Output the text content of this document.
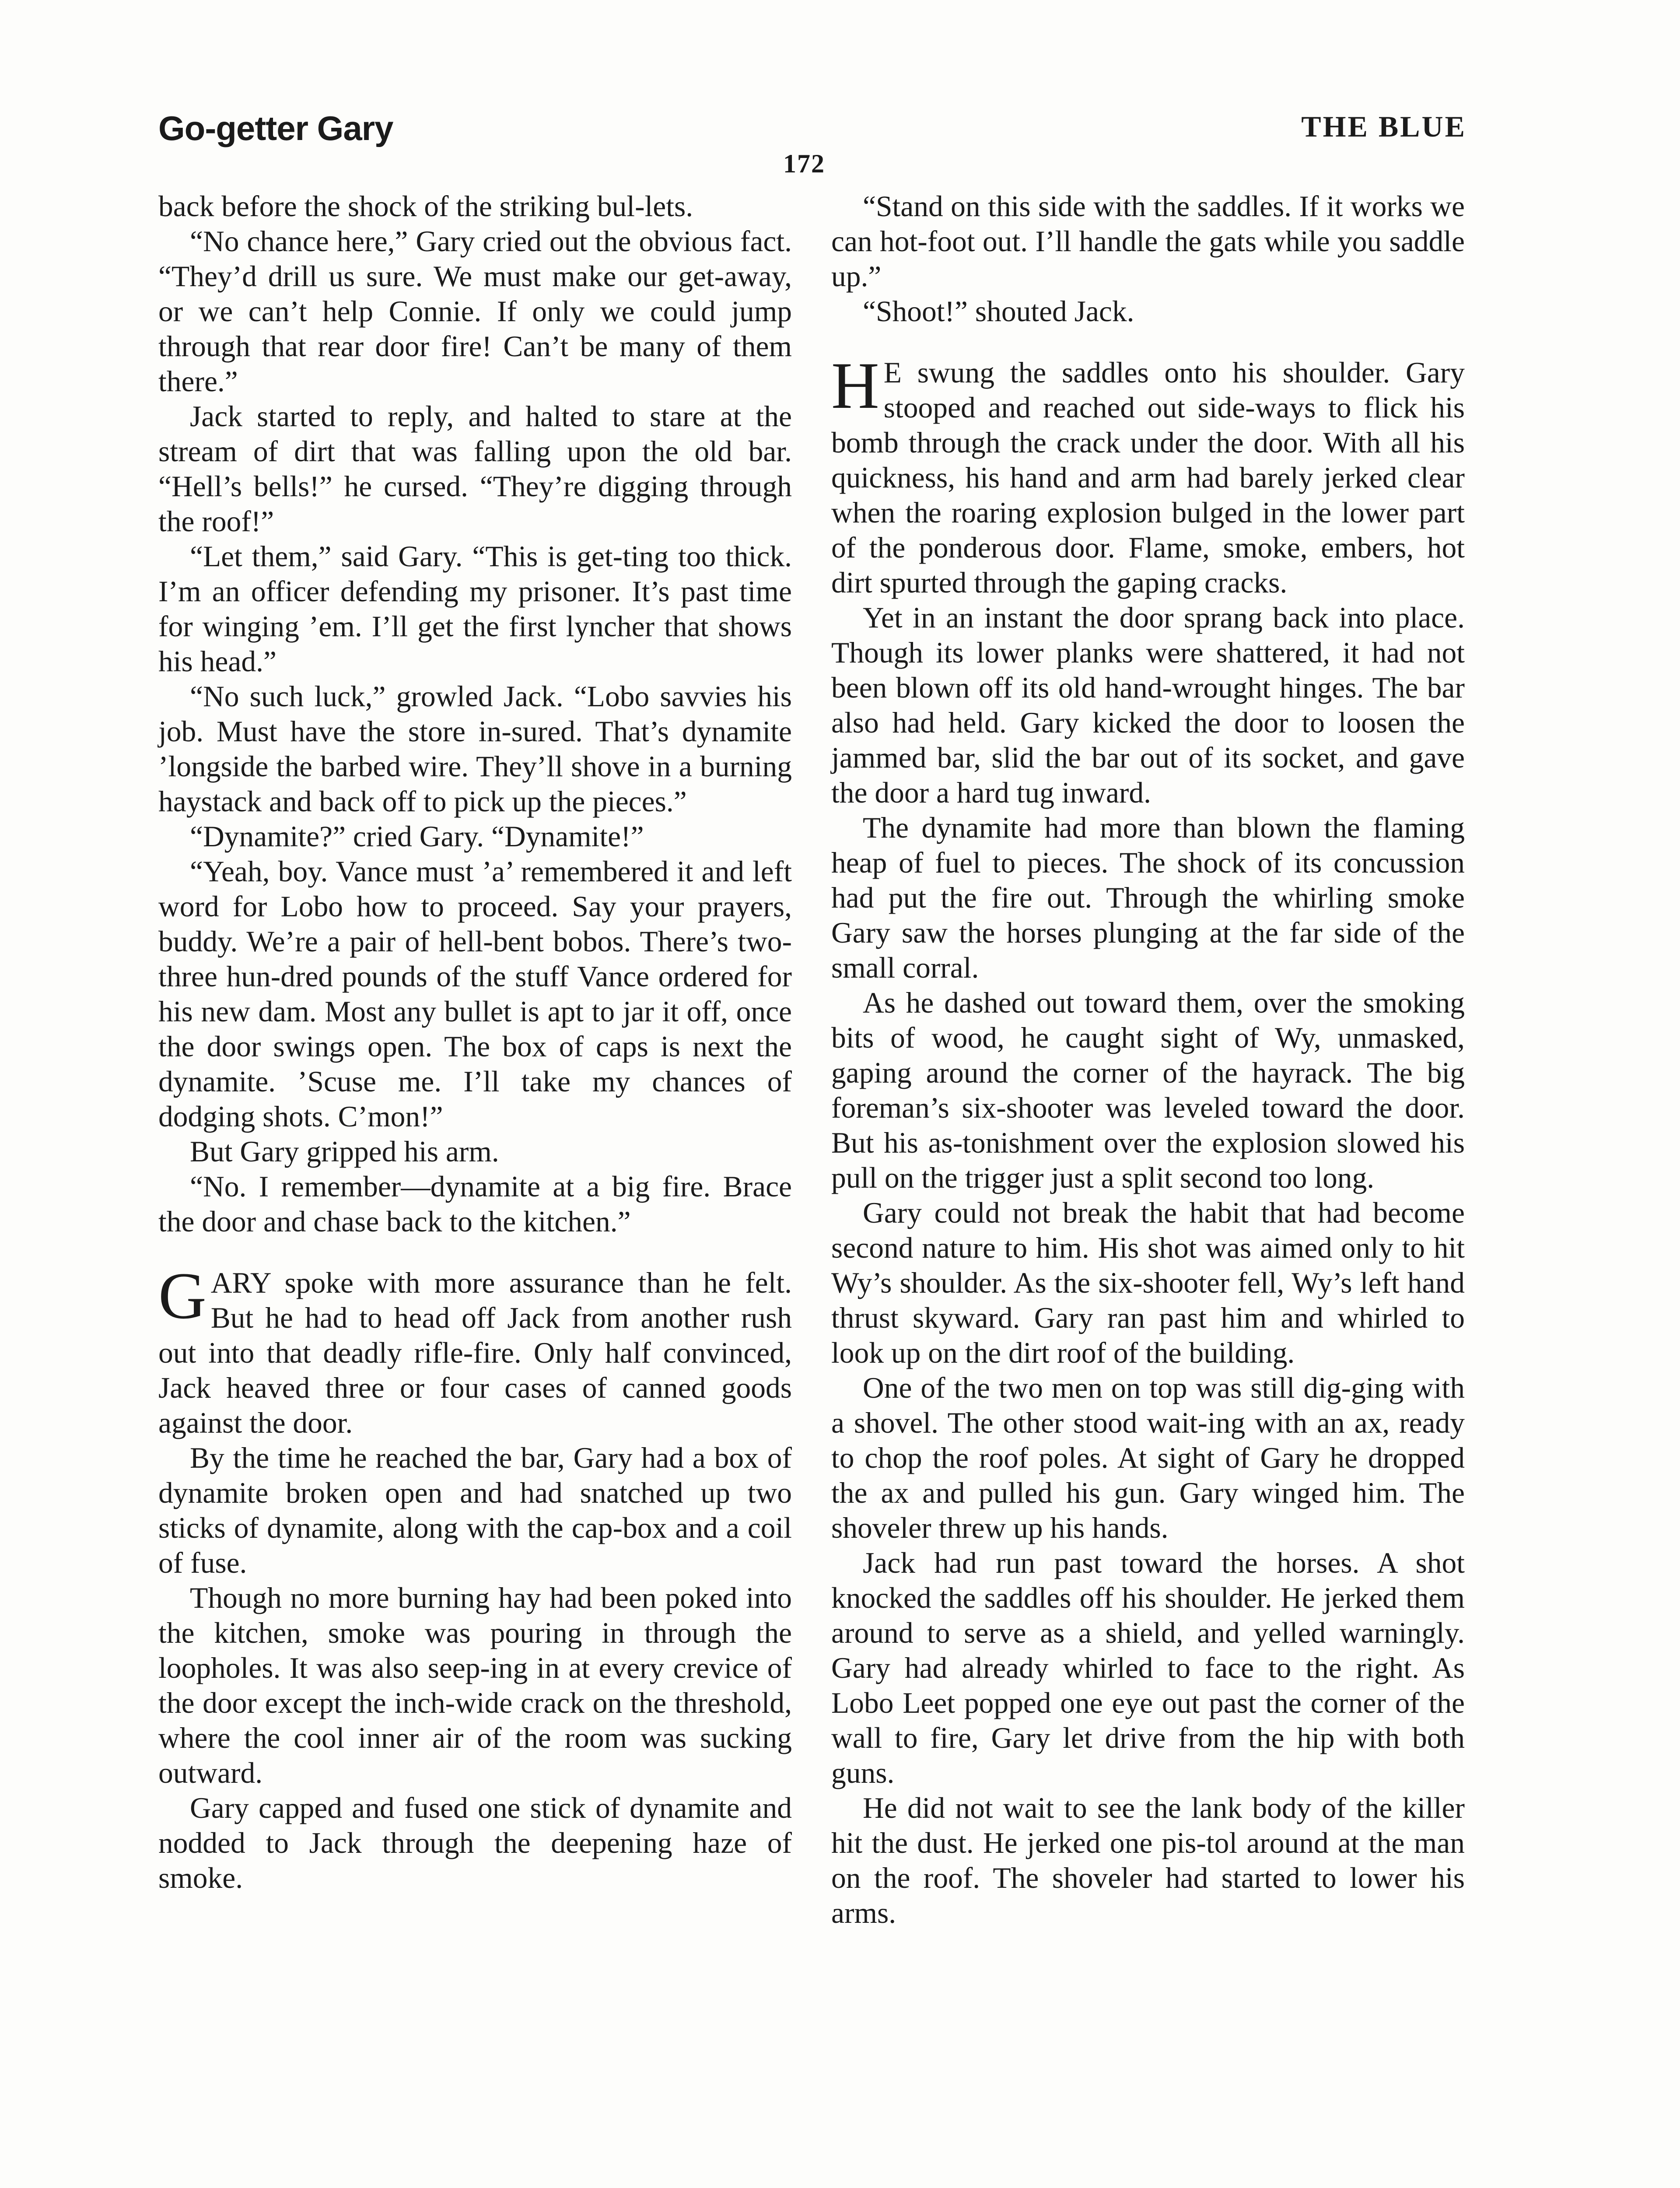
Go-getter Gary	THE BLUE
172

back before the shock of the striking bul-lets.

“No chance here,” Gary cried out the obvious fact. “They’d drill us sure. We must make our get-away, or we can’t help Connie. If only we could jump through that rear door fire! Can’t be many of them there.”

Jack started to reply, and halted to stare at the stream of dirt that was falling upon the old bar. “Hell’s bells!” he cursed. “They’re digging through the roof!”

“Let them,” said Gary. “This is get-ting too thick. I’m an officer defending my prisoner. It’s past time for winging ’em. I’ll get the first lyncher that shows his head.”

“No such luck,” growled Jack. “Lobo savvies his job. Must have the store in-sured. That’s dynamite ’longside the barbed wire. They’ll shove in a burning haystack and back off to pick up the pieces.”

“Dynamite?” cried Gary. “Dynamite!”

“Yeah, boy. Vance must ’a’ remembered it and left word for Lobo how to proceed. Say your prayers, buddy. We’re a pair of hell-bent bobos. There’s two-three hun-dred pounds of the stuff Vance ordered for his new dam. Most any bullet is apt to jar it off, once the door swings open. The box of caps is next the dynamite. ’Scuse me. I’ll take my chances of dodging shots. C’mon!”

But Gary gripped his arm.

“No. I remember—dynamite at a big fire. Brace the door and chase back to the kitchen.”

GARY spoke with more assurance than he felt. But he had to head off Jack from another rush out into that deadly rifle-fire. Only half convinced, Jack heaved three or four cases of canned goods against the door.

By the time he reached the bar, Gary had a box of dynamite broken open and had snatched up two sticks of dynamite, along with the cap-box and a coil of fuse.

Though no more burning hay had been poked into the kitchen, smoke was pouring in through the loopholes. It was also seep-ing in at every crevice of the door except the inch-wide crack on the threshold, where the cool inner air of the room was sucking outward.

Gary capped and fused one stick of dynamite and nodded to Jack through the deepening haze of smoke.

“Stand on this side with the saddles. If it works we can hot-foot out. I’ll handle the gats while you saddle up.”

“Shoot!” shouted Jack.

H E swung the saddles onto his shoulder. Gary stooped and reached out side-ways to flick his bomb through the crack under the door. With all his quickness, his hand and arm had barely jerked clear when the roaring explosion bulged in the lower part of the ponderous door. Flame, smoke, embers, hot dirt spurted through the gaping cracks.

Yet in an instant the door sprang back into place. Though its lower planks were shattered, it had not been blown off its old hand-wrought hinges. The bar also had held. Gary kicked the door to loosen the jammed bar, slid the bar out of its socket, and gave the door a hard tug inward.

The dynamite had more than blown the flaming heap of fuel to pieces. The shock of its concussion had put the fire out. Through the whirling smoke Gary saw the horses plunging at the far side of the small corral.

As he dashed out toward them, over the smoking bits of wood, he caught sight of Wy, unmasked, gaping around the corner of the hayrack. The big foreman’s six-shooter was leveled toward the door. But his as-tonishment over the explosion slowed his pull on the trigger just a split second too long.

Gary could not break the habit that had become second nature to him. His shot was aimed only to hit Wy’s shoulder. As the six-shooter fell, Wy’s left hand thrust skyward. Gary ran past him and whirled to look up on the dirt roof of the building.

One of the two men on top was still dig-ging with a shovel. The other stood wait-ing with an ax, ready to chop the roof poles. At sight of Gary he dropped the ax and pulled his gun. Gary winged him. The shoveler threw up his hands.

Jack had run past toward the horses. A shot knocked the saddles off his shoulder. He jerked them around to serve as a shield, and yelled warningly. Gary had already whirled to face to the right. As Lobo Leet popped one eye out past the corner of the wall to fire, Gary let drive from the hip with both guns.

He did not wait to see the lank body of the killer hit the dust. He jerked one pis-tol around at the man on the roof. The shoveler had started to lower his arms.
